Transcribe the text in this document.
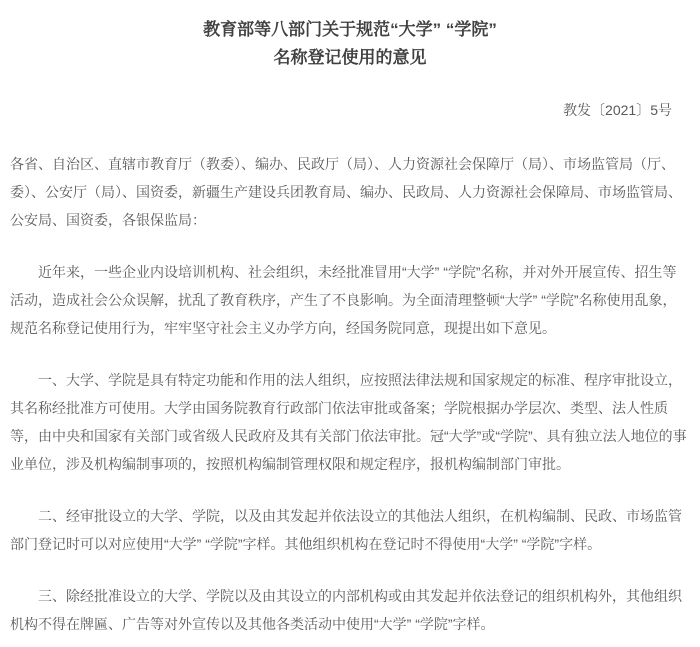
教育部等八部门关于规范“大学” “学院”
名称登记使用的意见
教发〔2021〕5号

各省、自治区、直辖市教育厅（教委）、编办、民政厅（局）、人力资源社会保障厅（局）、市场监管局（厅、委）、公安厅（局）、国资委，新疆生产建设兵团教育局、编办、民政局、人力资源社会保障局、市场监管局、公安局、国资委，各银保监局：

近年来，一些企业内设培训机构、社会组织，未经批准冒用“大学” “学院”名称，并对外开展宣传、招生等活动，造成社会公众误解，扰乱了教育秩序，产生了不良影响。为全面清理整顿“大学” “学院”名称使用乱象，规范名称登记使用行为，牢牢坚守社会主义办学方向，经国务院同意，现提出如下意见。

一、大学、学院是具有特定功能和作用的法人组织，应按照法律法规和国家规定的标准、程序审批设立，其名称经批准方可使用。大学由国务院教育行政部门依法审批或备案；学院根据办学层次、类型、法人性质等，由中央和国家有关部门或省级人民政府及其有关部门依法审批。冠“大学”或“学院”、具有独立法人地位的事业单位，涉及机构编制事项的，按照机构编制管理权限和规定程序，报机构编制部门审批。

二、经审批设立的大学、学院，以及由其发起并依法设立的其他法人组织，在机构编制、民政、市场监管部门登记时可以对应使用“大学” “学院”字样。其他组织机构在登记时不得使用“大学” “学院”字样。

三、除经批准设立的大学、学院以及由其设立的内部机构或由其发起并依法登记的组织机构外，其他组织机构不得在牌匾、广告等对外宣传以及其他各类活动中使用“大学” “学院”字样。
